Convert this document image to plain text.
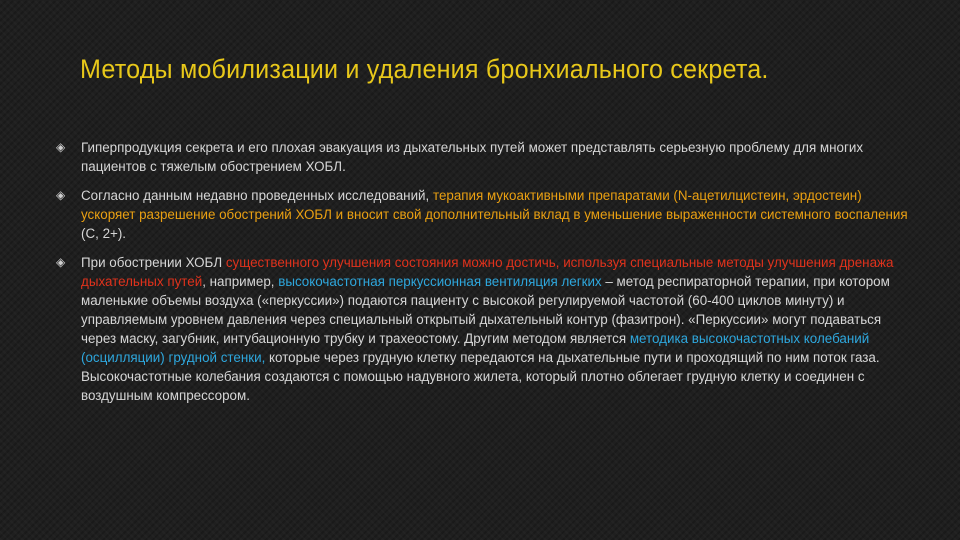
Методы мобилизации и удаления бронхиального секрета.
◈ Гиперпродукция секрета и его плохая эвакуация из дыхательных путей может представлять серьезную проблему для многих пациентов с тяжелым обострением ХОБЛ.
◈ Согласно данным недавно проведенных исследований, терапия мукоактивными препаратами (N-ацетилцистеин, эрдостеин) ускоряет разрешение обострений ХОБЛ и вносит свой дополнительный вклад в уменьшение выраженности системного воспаления (С, 2+).
◈ При обострении ХОБЛ существенного улучшения состояния можно достичь, используя специальные методы улучшения дренажа дыхательных путей, например, высокочастотная перкуссионная вентиляция легких – метод респираторной терапии, при котором маленькие объемы воздуха («перкуссии») подаются пациенту с высокой регулируемой частотой (60-400 циклов минуту) и управляемым уровнем давления через специальный открытый дыхательный контур (фазитрон). «Перкуссии» могут подаваться через маску, загубник, интубационную трубку и трахеостому. Другим методом является методика высокочастотных колебаний (осцилляции) грудной стенки, которые через грудную клетку передаются на дыхательные пути и проходящий по ним поток газа. Высокочастотные колебания создаются с помощью надувного жилета, который плотно облегает грудную клетку и соединен с воздушным компрессором.
